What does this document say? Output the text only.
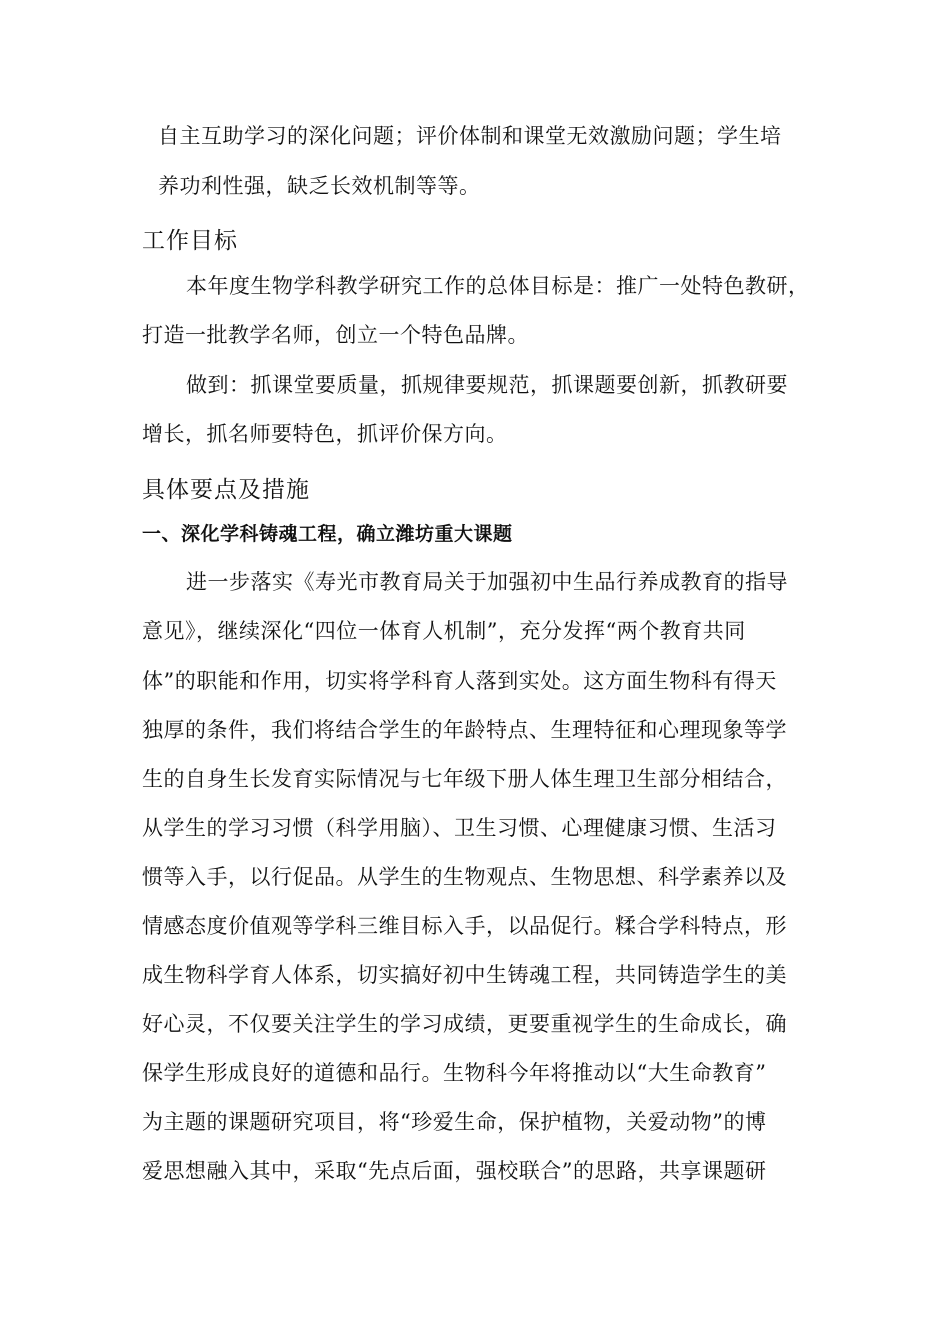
自主互助学习的深化问题；评价体制和课堂无效激励问题；学生培
养功利性强，缺乏长效机制等等。
工作目标
本年度生物学科教学研究工作的总体目标是：推广一处特色教研，
打造一批教学名师，创立一个特色品牌。
做到：抓课堂要质量，抓规律要规范，抓课题要创新，抓教研要
增长，抓名师要特色，抓评价保方向。
具体要点及措施
一、深化学科铸魂工程，确立潍坊重大课题
进一步落实《寿光市教育局关于加强初中生品行养成教育的指导
意见》，继续深化“四位一体育人机制”，充分发挥“两个教育共同
体”的职能和作用，切实将学科育人落到实处。这方面生物科有得天
独厚的条件，我们将结合学生的年龄特点、生理特征和心理现象等学
生的自身生长发育实际情况与七年级下册人体生理卫生部分相结合，
从学生的学习习惯（科学用脑）、卫生习惯、心理健康习惯、生活习
惯等入手，以行促品。从学生的生物观点、生物思想、科学素养以及
情感态度价值观等学科三维目标入手，以品促行。糅合学科特点，形
成生物科学育人体系，切实搞好初中生铸魂工程，共同铸造学生的美
好心灵，不仅要关注学生的学习成绩，更要重视学生的生命成长，确
保学生形成良好的道德和品行。生物科今年将推动以“大生命教育”
为主题的课题研究项目，将“珍爱生命，保护植物，关爱动物”的博
爱思想融入其中，采取“先点后面，强校联合”的思路，共享课题研
